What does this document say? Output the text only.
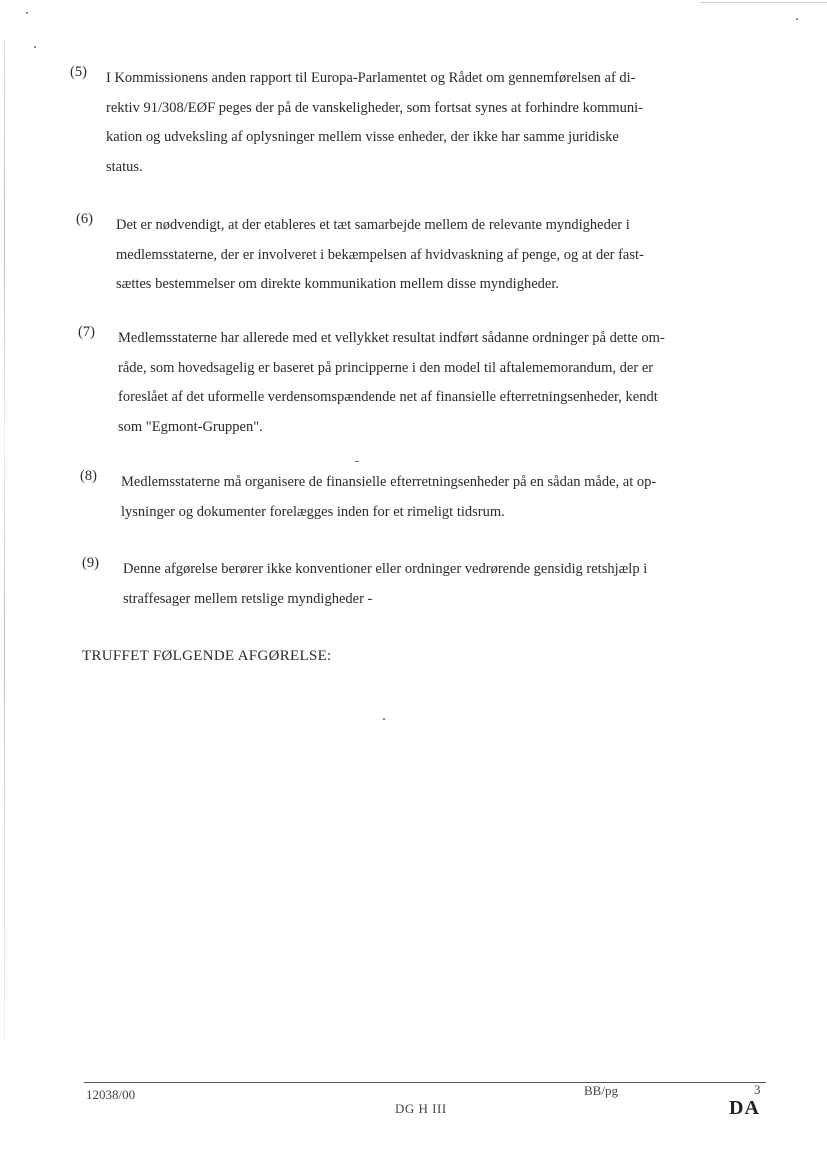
(5)	I Kommissionens anden rapport til Europa-Parlamentet og Rådet om gennemførelsen af di-
rektiv 91/308/EØF peges der på de vanskeligheder, som fortsat synes at forhindre kommuni-
kation og udveksling af oplysninger mellem visse enheder, der ikke har samme juridiske
status.
(6)	Det er nødvendigt, at der etableres et tæt samarbejde mellem de relevante myndigheder i
medlemsstaterne, der er involveret i bekæmpelsen af hvidvaskning af penge, og at der fast-
sættes bestemmelser om direkte kommunikation mellem disse myndigheder.
(7)	Medlemsstaterne har allerede med et vellykket resultat indført sådanne ordninger på dette om-
råde, som hovedsagelig er baseret på principperne i den model til aftalememorandum, der er
foreslået af det uformelle verdensomspændende net af finansielle efterretningsenheder, kendt
som "Egmont-Gruppen".
(8)	Medlemsstaterne må organisere de finansielle efterretningsenheder på en sådan måde, at op-
lysninger og dokumenter forelægges inden for et rimeligt tidsrum.
(9)	Denne afgørelse berører ikke konventioner eller ordninger vedrørende gensidig retshjælp i
straffesager mellem retslige myndigheder -
TRUFFET FØLGENDE AFGØRELSE:
12038/00	BB/pg	3
DG H III	DA
